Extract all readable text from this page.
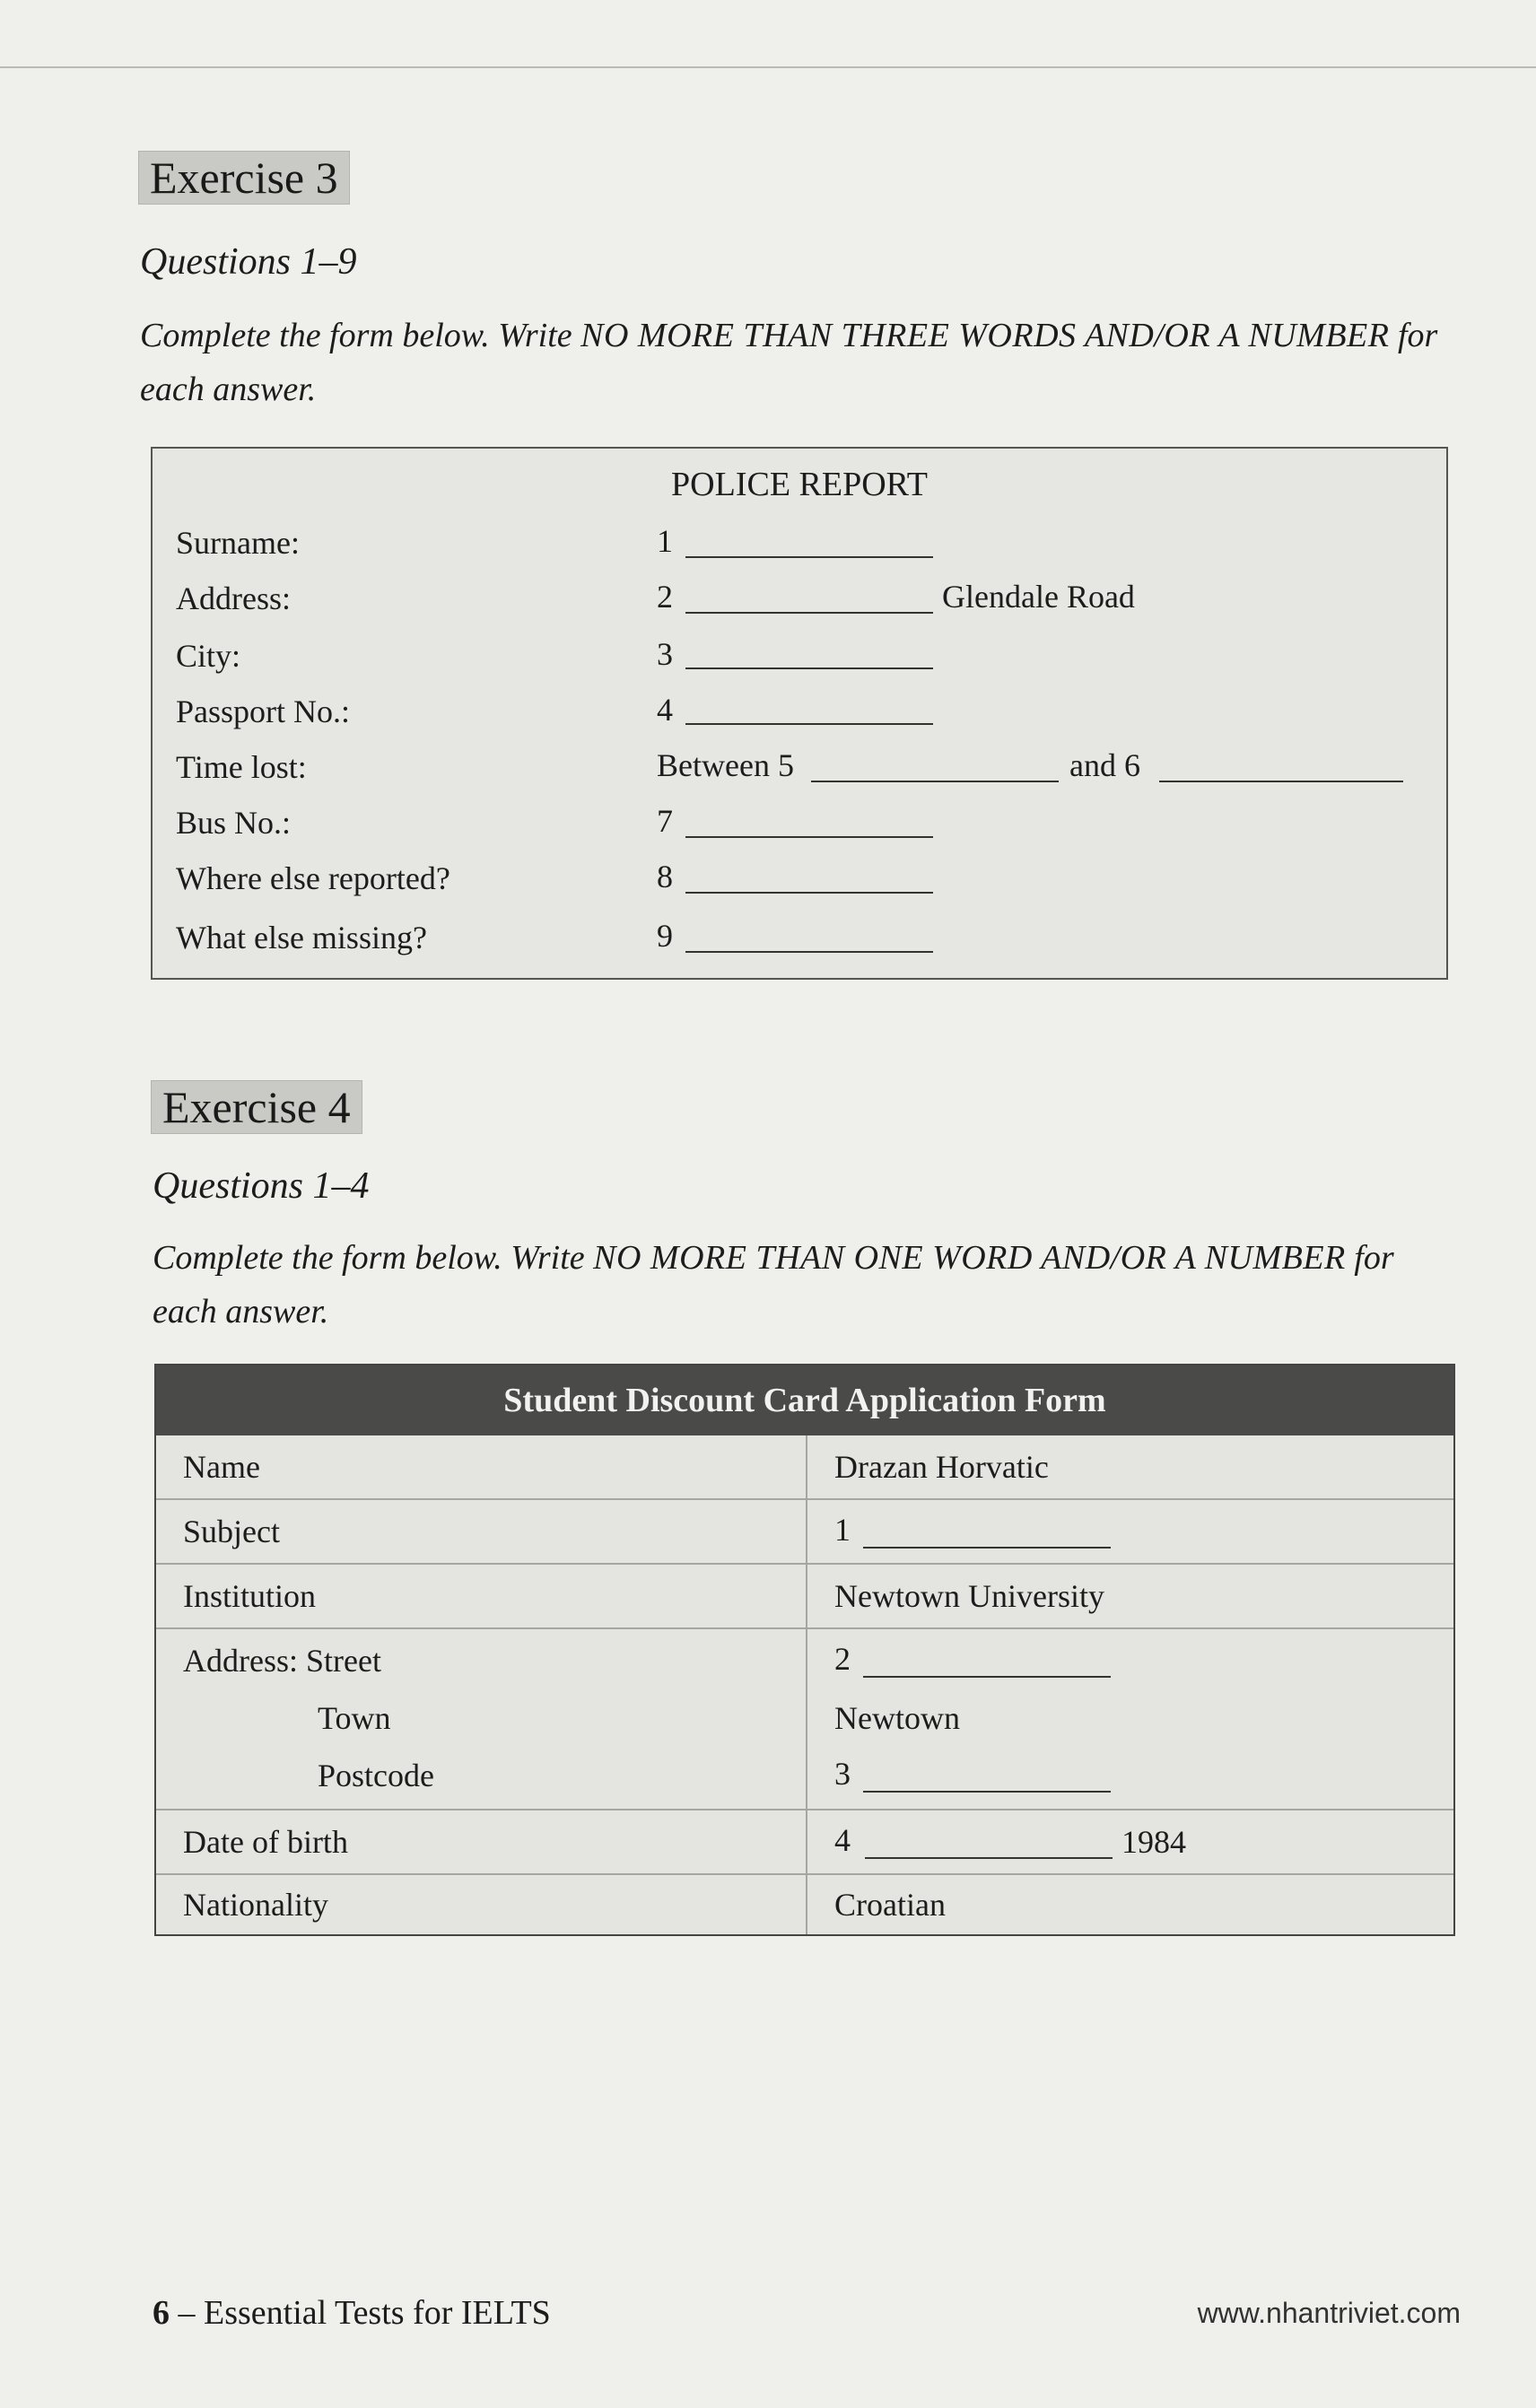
Exercise 3
Questions 1–9
Complete the form below. Write NO MORE THAN THREE WORDS AND/OR A NUMBER for each answer.
POLICE REPORT
Surname:	1
Address:	2	Glendale Road
City:	3
Passport No.:	4
Time lost:	Between 5	and 6
Bus No.:	7
Where else reported?	8
What else missing?	9
Exercise 4
Questions 1–4
Complete the form below. Write NO MORE THAN ONE WORD AND/OR A NUMBER for each answer.
Student Discount Card Application Form
Name	Drazan Horvatic
Subject	1
Institution	Newtown University
Address: Street	2
Town	Newtown
Postcode	3
Date of birth	4	1984
Nationality	Croatian
6 – Essential Tests for IELTS	www.nhantriviet.com
